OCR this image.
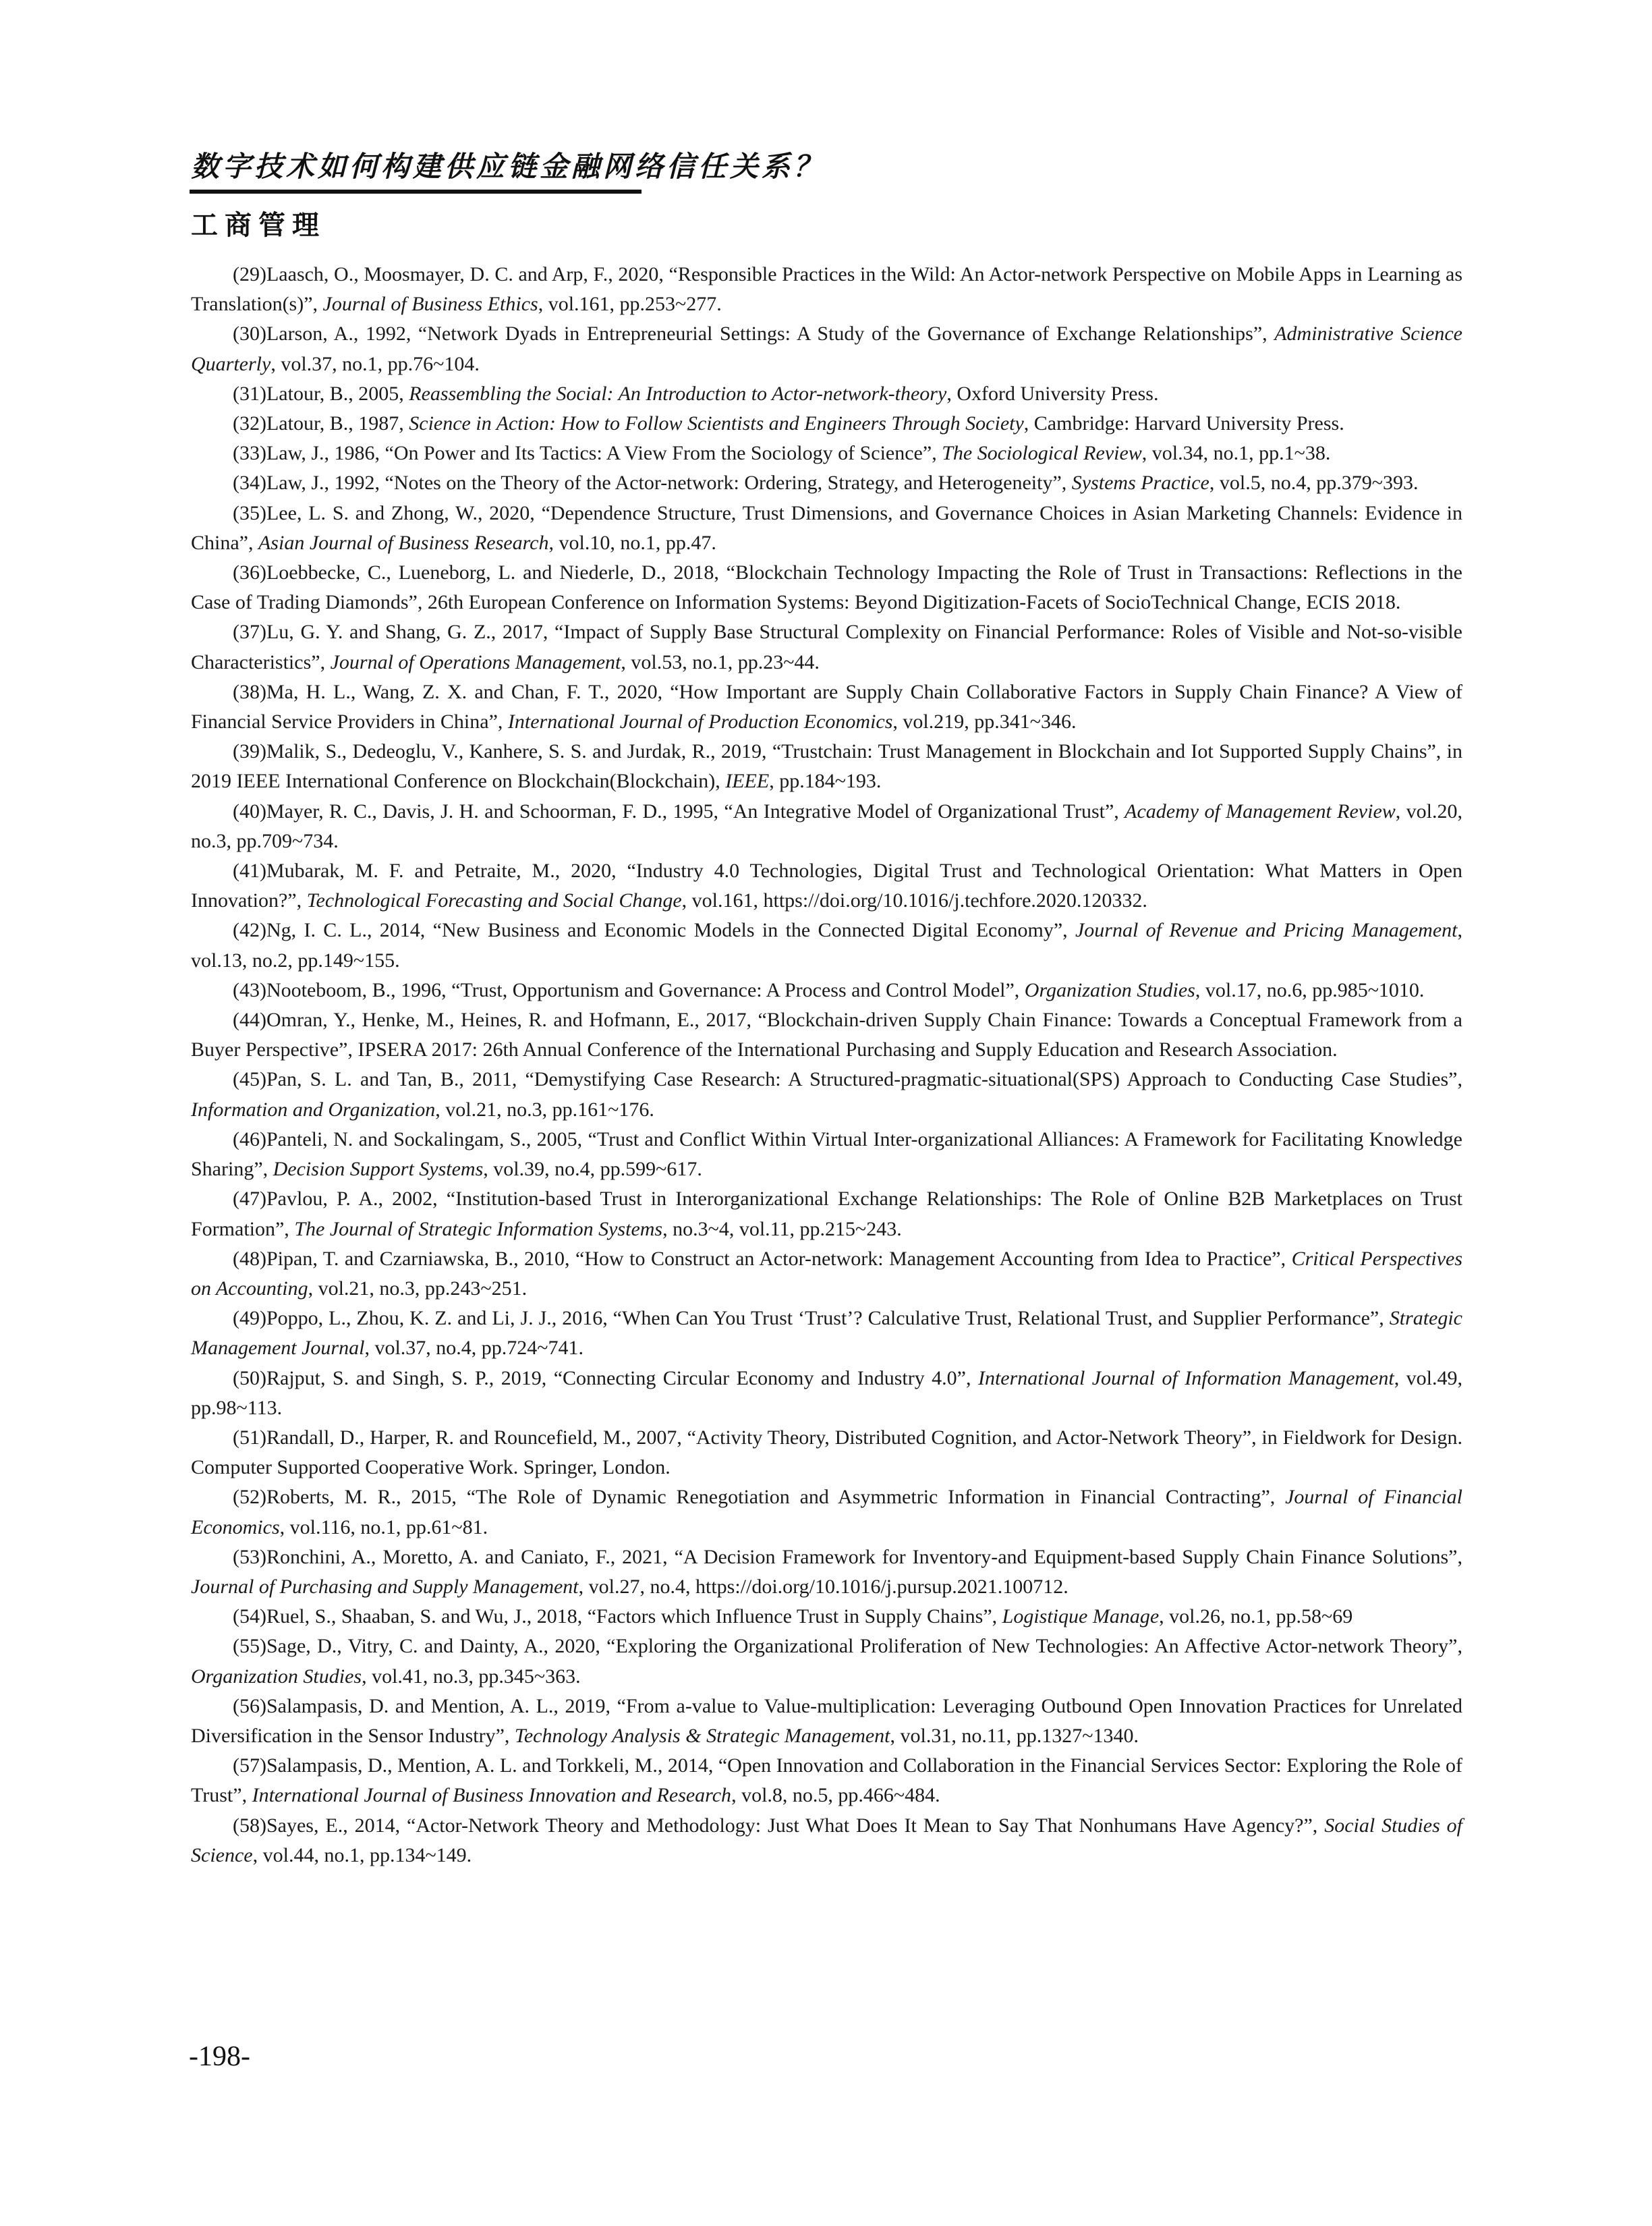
数字技术如何构建供应链金融网络信任关系？
工商管理

(29)Laasch, O., Moosmayer, D. C. and Arp, F., 2020, “Responsible Practices in the Wild: An Actor-network Perspective on Mobile Apps in Learning as Translation(s)”, Journal of Business Ethics, vol.161, pp.253~277.

(30)Larson, A., 1992, “Network Dyads in Entrepreneurial Settings: A Study of the Governance of Exchange Relationships”, Administrative Science Quarterly, vol.37, no.1, pp.76~104.

(31)Latour, B., 2005, Reassembling the Social: An Introduction to Actor-network-theory, Oxford University Press.

(32)Latour, B., 1987, Science in Action: How to Follow Scientists and Engineers Through Society, Cambridge: Harvard University Press.

(33)Law, J., 1986, “On Power and Its Tactics: A View From the Sociology of Science”, The Sociological Review, vol.34, no.1, pp.1~38.

(34)Law, J., 1992, “Notes on the Theory of the Actor-network: Ordering, Strategy, and Heterogeneity”, Systems Practice, vol.5, no.4, pp.379~393.

(35)Lee, L. S. and Zhong, W., 2020, “Dependence Structure, Trust Dimensions, and Governance Choices in Asian Marketing Channels: Evidence in China”, Asian Journal of Business Research, vol.10, no.1, pp.47.

(36)Loebbecke, C., Lueneborg, L. and Niederle, D., 2018, “Blockchain Technology Impacting the Role of Trust in Transactions: Reflections in the Case of Trading Diamonds”, 26th European Conference on Information Systems: Beyond Digitization-Facets of SocioTechnical Change, ECIS 2018.

(37)Lu, G. Y. and Shang, G. Z., 2017, “Impact of Supply Base Structural Complexity on Financial Performance: Roles of Visible and Not-so-visible Characteristics”, Journal of Operations Management, vol.53, no.1, pp.23~44.

(38)Ma, H. L., Wang, Z. X. and Chan, F. T., 2020, “How Important are Supply Chain Collaborative Factors in Supply Chain Finance? A View of Financial Service Providers in China”, International Journal of Production Economics, vol.219, pp.341~346.

(39)Malik, S., Dedeoglu, V., Kanhere, S. S. and Jurdak, R., 2019, “Trustchain: Trust Management in Blockchain and Iot Supported Supply Chains”, in 2019 IEEE International Conference on Blockchain(Blockchain), IEEE, pp.184~193.

(40)Mayer, R. C., Davis, J. H. and Schoorman, F. D., 1995, “An Integrative Model of Organizational Trust”, Academy of Management Review, vol.20, no.3, pp.709~734.

(41)Mubarak, M. F. and Petraite, M., 2020, “Industry 4.0 Technologies, Digital Trust and Technological Orientation: What Matters in Open Innovation?”, Technological Forecasting and Social Change, vol.161, https://doi.org/10.1016/j.techfore.2020.120332.

(42)Ng, I. C. L., 2014, “New Business and Economic Models in the Connected Digital Economy”, Journal of Revenue and Pricing Management, vol.13, no.2, pp.149~155.

(43)Nooteboom, B., 1996, “Trust, Opportunism and Governance: A Process and Control Model”, Organization Studies, vol.17, no.6, pp.985~1010.

(44)Omran, Y., Henke, M., Heines, R. and Hofmann, E., 2017, “Blockchain-driven Supply Chain Finance: Towards a Conceptual Framework from a Buyer Perspective”, IPSERA 2017: 26th Annual Conference of the International Purchasing and Supply Education and Research Association.

(45)Pan, S. L. and Tan, B., 2011, “Demystifying Case Research: A Structured-pragmatic-situational(SPS) Approach to Conducting Case Studies”, Information and Organization, vol.21, no.3, pp.161~176.

(46)Panteli, N. and Sockalingam, S., 2005, “Trust and Conflict Within Virtual Inter-organizational Alliances: A Framework for Facilitating Knowledge Sharing”, Decision Support Systems, vol.39, no.4, pp.599~617.

(47)Pavlou, P. A., 2002, “Institution-based Trust in Interorganizational Exchange Relationships: The Role of Online B2B Marketplaces on Trust Formation”, The Journal of Strategic Information Systems, no.3~4, vol.11, pp.215~243.

(48)Pipan, T. and Czarniawska, B., 2010, “How to Construct an Actor-network: Management Accounting from Idea to Practice”, Critical Perspectives on Accounting, vol.21, no.3, pp.243~251.

(49)Poppo, L., Zhou, K. Z. and Li, J. J., 2016, “When Can You Trust ‘Trust’? Calculative Trust, Relational Trust, and Supplier Performance”, Strategic Management Journal, vol.37, no.4, pp.724~741.

(50)Rajput, S. and Singh, S. P., 2019, “Connecting Circular Economy and Industry 4.0”, International Journal of Information Management, vol.49, pp.98~113.

(51)Randall, D., Harper, R. and Rouncefield, M., 2007, “Activity Theory, Distributed Cognition, and Actor-Network Theory”, in Fieldwork for Design. Computer Supported Cooperative Work. Springer, London.

(52)Roberts, M. R., 2015, “The Role of Dynamic Renegotiation and Asymmetric Information in Financial Contracting”, Journal of Financial Economics, vol.116, no.1, pp.61~81.

(53)Ronchini, A., Moretto, A. and Caniato, F., 2021, “A Decision Framework for Inventory-and Equipment-based Supply Chain Finance Solutions”, Journal of Purchasing and Supply Management, vol.27, no.4, https://doi.org/10.1016/j.pursup.2021.100712.

(54)Ruel, S., Shaaban, S. and Wu, J., 2018, “Factors which Influence Trust in Supply Chains”, Logistique Manage, vol.26, no.1, pp.58~69

(55)Sage, D., Vitry, C. and Dainty, A., 2020, “Exploring the Organizational Proliferation of New Technologies: An Affective Actor-network Theory”, Organization Studies, vol.41, no.3, pp.345~363.

(56)Salampasis, D. and Mention, A. L., 2019, “From a-value to Value-multiplication: Leveraging Outbound Open Innovation Practices for Unrelated Diversification in the Sensor Industry”, Technology Analysis & Strategic Management, vol.31, no.11, pp.1327~1340.

(57)Salampasis, D., Mention, A. L. and Torkkeli, M., 2014, “Open Innovation and Collaboration in the Financial Services Sector: Exploring the Role of Trust”, International Journal of Business Innovation and Research, vol.8, no.5, pp.466~484.

(58)Sayes, E., 2014, “Actor-Network Theory and Methodology: Just What Does It Mean to Say That Nonhumans Have Agency?”, Social Studies of Science, vol.44, no.1, pp.134~149.

-198-
